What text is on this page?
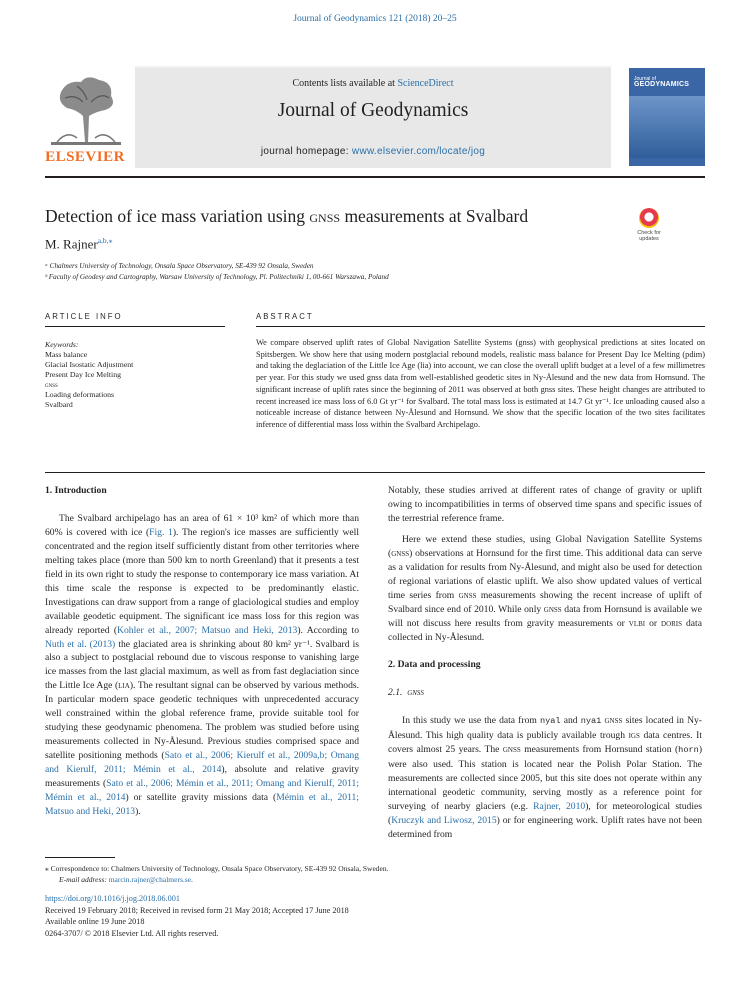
Journal of Geodynamics 121 (2018) 20–25
ELSEVIER
Contents lists available at ScienceDirect
Journal of Geodynamics
journal homepage: www.elsevier.com/locate/jog
Journal of
GEODYNAMICS
Detection of ice mass variation using gnss measurements at Svalbard
Check for updates
M. Rajner$^{a,b,⁎}$
ᵃ Chalmers University of Technology, Onsala Space Observatory, SE-439 92 Onsala, Sweden
ᵇ Faculty of Geodesy and Cartography, Warsaw University of Technology, Pl. Politechniki 1, 00-661 Warszawa, Poland
ARTICLE INFO	ABSTRACT
Keywords:
Mass balance
Glacial Isostatic Adjustment
Present Day Ice Melting
gnss
Loading deformations
Svalbard
We compare observed uplift rates of Global Navigation Satellite Systems (gnss) with geophysical predictions at sites located on Spitsbergen. We show here that using modern postglacial rebound models, realistic mass balance for Present Day Ice Melting (pdim) and taking the deglaciation of the Little Ice Age (lia) into account, we can close the overall uplift budget at a level of a few millimetres per year. For this study we used gnss data from well-established geodetic sites in Ny-Ålesund and the new data from Hornsund. The significant increase of uplift rates since the beginning of 2011 was observed at both gnss sites. These height changes are attributed to recent increased ice mass loss of 6.0 Gt yr⁻¹ for Svalbard. The total mass loss is estimated at 14.7 Gt yr⁻¹. Ice unloading caused also a noticeable increase of distance between Ny-Ålesund and Hornsund. We show that the specific location of the two sites facilitates inference of differential mass loss within the Svalbard Archipelago.

1. Introduction

The Svalbard archipelago has an area of 61 × 10³ km² of which more than 60% is covered with ice (Fig. 1). The region's ice masses are sufficiently well concentrated and the region itself sufficiently distant from other territories where melting takes place (more than 500 km to north Greenland) that it presents a test field in its own right to study the response to contemporary ice mass variation. At this time scale the response is expected to be predominantly elastic. Investigations can draw support from a range of glaciological studies and employ available geodetic equipment. The significant ice mass loss for this region was already reported (Kohler et al., 2007; Matsuo and Heki, 2013). According to Nuth et al. (2013) the glaciated area is shrinking about 80 km² yr⁻¹. Svalbard is also a subject to postglacial rebound due to viscous response to vanishing large ice masses from the last glacial maximum, as well as from fast deglaciation since the Little Ice Age (lia). The resultant signal can be observed by various methods. In particular modern space geodetic techniques with unprecedented accuracy well constrained within the global reference frame, provide suitable tool for studying these geodynamic phenomena. The problem was studied before using measurements collected in Ny-Ålesund. Previous studies comprised space and satellite positioning methods (Sato et al., 2006; Kierulf et al., 2009a,b; Omang and Kierulf, 2011; Mémin et al., 2014), absolute and relative gravity measurements (Sato et al., 2006; Mémin et al., 2011; Omang and Kierulf, 2011; Mémin et al., 2014) or satellite gravity missions data (Mémin et al., 2011; Matsuo and Heki, 2013).

Notably, these studies arrived at different rates of change of gravity or uplift owing to incompatibilities in terms of observed time spans and specific issues of the terrestrial reference frame.

Here we extend these studies, using Global Navigation Satellite Systems (gnss) observations at Hornsund for the first time. This additional data can serve as a validation for results from Ny-Ålesund, and might also be used for detection of regional variations of elastic uplift. We also show updated values of vertical time series from gnss measurements showing the recent increase of uplift of Svalbard since end of 2010. While only gnss data from Hornsund is available we will not discuss here results from gravity measurements or vlbi or doris data collected in Ny-Ålesund.

2. Data and processing

2.1. gnss

In this study we use the data from nyal and nya1 gnss sites located in Ny-Ålesund. This high quality data is publicly available trough igs data centres. It covers almost 25 years. The gnss measurements from Hornsund station (horn) were also used. This station is located near the Polish Polar Station. The measurements are collected since 2005, but this site does not operate within any international geodetic community, serving mostly as a reference point for surveying of nearby glaciers (e.g. Rajner, 2010), for meteorological studies (Kruczyk and Liwosz, 2015) or for engineering work. Uplift rates have not been determined from

⁎ Correspondence to: Chalmers University of Technology, Onsala Space Observatory, SE-439 92 Onsala, Sweden.
E-mail address: marcin.rajner@chalmers.se.
https://doi.org/10.1016/j.jog.2018.06.001
Received 19 February 2018; Received in revised form 21 May 2018; Accepted 17 June 2018
Available online 19 June 2018
0264-3707/ © 2018 Elsevier Ltd. All rights reserved.
